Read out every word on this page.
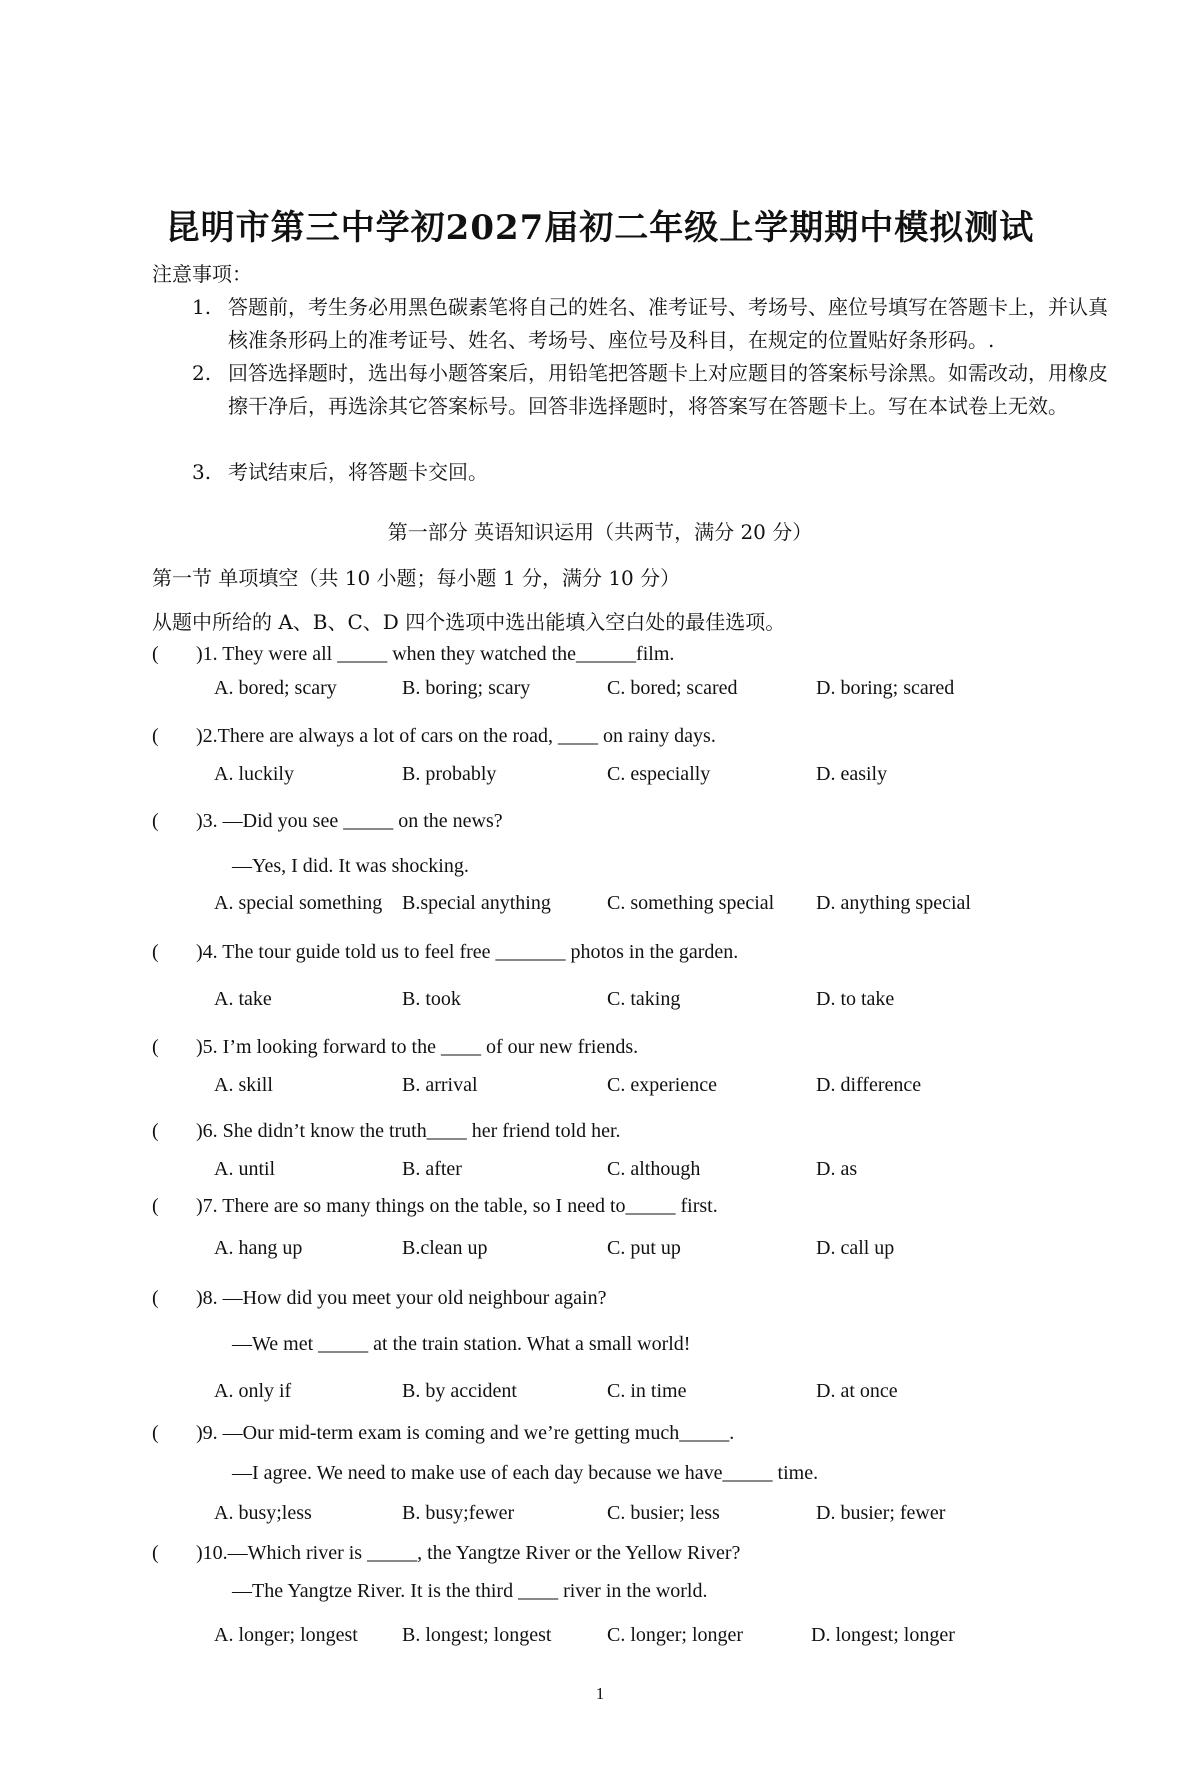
昆明市第三中学初2027届初二年级上学期期中模拟测试
注意事项：
1. 答题前，考生务必用黑色碳素笔将自己的姓名、准考证号、考场号、座位号填写在答题卡上，并认真核准条形码上的准考证号、姓名、考场号、座位号及科目，在规定的位置贴好条形码。.
2. 回答选择题时，选出每小题答案后，用铅笔把答题卡上对应题目的答案标号涂黑。如需改动，用橡皮擦干净后，再选涂其它答案标号。回答非选择题时，将答案写在答题卡上。写在本试卷上无效。
3. 考试结束后，将答题卡交回。
第一部分 英语知识运用（共两节，满分 20 分）
第一节 单项填空（共 10 小题；每小题 1 分，满分 10 分）
从题中所给的 A、B、C、D 四个选项中选出能填入空白处的最佳选项。
( )1. They were all _____ when they watched the______film.
A. bored; scary	B. boring; scary	C. bored; scared	D. boring; scared
( )2.There are always a lot of cars on the road, ____ on rainy days.
A. luckily	B. probably	C. especially	D. easily
( )3. —Did you see _____ on the news?
—Yes, I did. It was shocking.
A. special something B.special anything	C. something special D. anything special
( )4. The tour guide told us to feel free _______ photos in the garden.
A. take	B. took	C. taking	D. to take
( )5. I’m looking forward to the ____ of our new friends.
A. skill	B. arrival	C. experience	D. difference
( )6. She didn’t know the truth____ her friend told her.
A. until	B. after	C. although	D. as
( )7. There are so many things on the table, so I need to_____ first.
A. hang up	B.clean up	C. put up	D. call up
( )8. —How did you meet your old neighbour again?
—We met _____ at the train station. What a small world!
A. only if	B. by accident	C. in time	D. at once
( )9. —Our mid-term exam is coming and we’re getting much_____.
—I agree. We need to make use of each day because we have_____ time.
A. busy;less	B. busy;fewer	C. busier; less	D. busier; fewer
( )10.—Which river is _____, the Yangtze River or the Yellow River?
—The Yangtze River. It is the third ____ river in the world.
A. longer; longest B. longest; longest	C. longer; longer	D. longest; longer
1
